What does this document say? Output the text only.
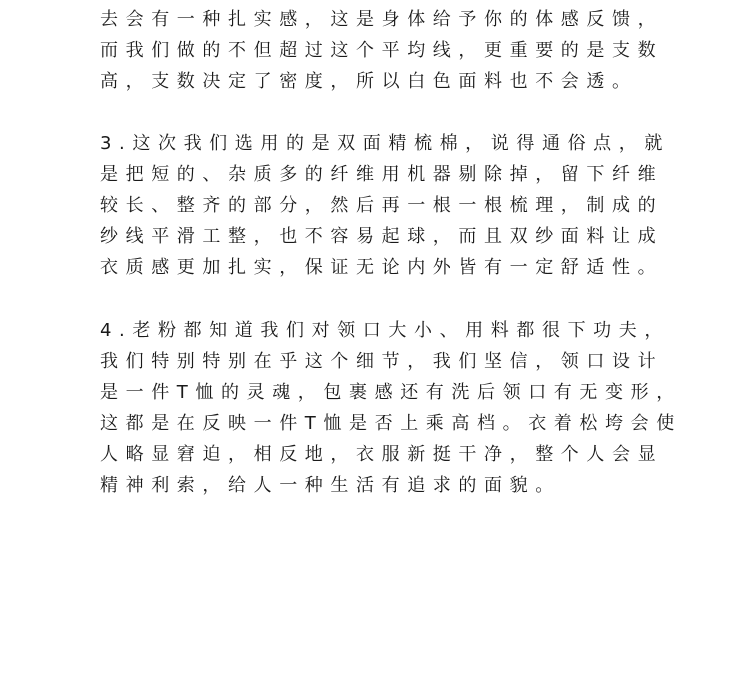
去会有一种扎实感，这是身体给予你的体感反馈，
而我们做的不但超过这个平均线，更重要的是支数
高，支数决定了密度，所以白色面料也不会透。
3.这次我们选用的是双面精梳棉，说得通俗点，就
是把短的、杂质多的纤维用机器剔除掉，留下纤维
较长、整齐的部分，然后再一根一根梳理，制成的
纱线平滑工整，也不容易起球，而且双纱面料让成
衣质感更加扎实，保证无论内外皆有一定舒适性。
4.老粉都知道我们对领口大小、用料都很下功夫，
我们特别特别在乎这个细节，我们坚信，领口设计
是一件T恤的灵魂，包裹感还有洗后领口有无变形，
这都是在反映一件T恤是否上乘高档。衣着松垮会使
人略显窘迫，相反地，衣服新挺干净，整个人会显
精神利索，给人一种生活有追求的面貌。
